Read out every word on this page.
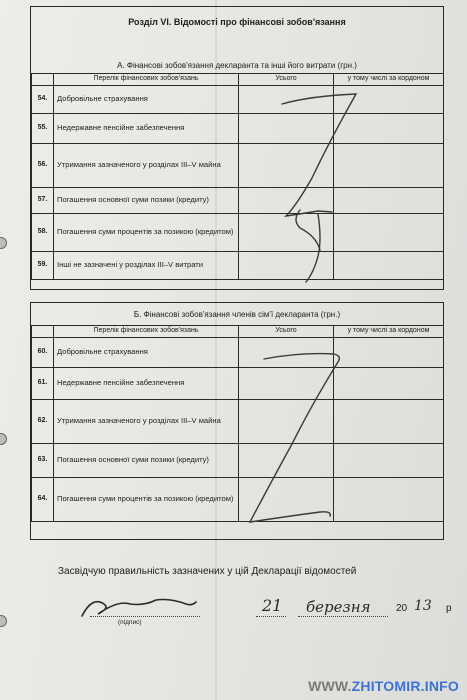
Розділ VI. Відомості про фінансові зобов'язання
А. Фінансові зобов'язання декларанта та інші його витрати (грн.)
	Перелік фінансових зобов'язань	Усього	у тому числі за кордоном
54.	Добровільне страхування		
55.	Недержавне пенсійне забезпечення		
56.	Утримання зазначеного у розділах III–V майна		
57.	Погашення основної суми позики (кредиту)		
58.	Погашення суми процентів за позикою (кредитом)		
59.	Інші не зазначені у розділах III–V витрати		
Б. Фінансові зобов'язання членів сім'ї декларанта (грн.)
	Перелік фінансових зобов'язань	Усього	у тому числі за кордоном
60.	Добровільне страхування		
61.	Недержавне пенсійне забезпечення		
62.	Утримання зазначеного у розділах III–V майна		
63.	Погашення основної суми позики (кредиту)		
64.	Погашення суми процентів за позикою (кредитом)		
Засвідчую правильність зазначених у цій Декларації відомостей
(підпис)
21 березня	20 13 р
WWW.ZHITOMIR.INFO
